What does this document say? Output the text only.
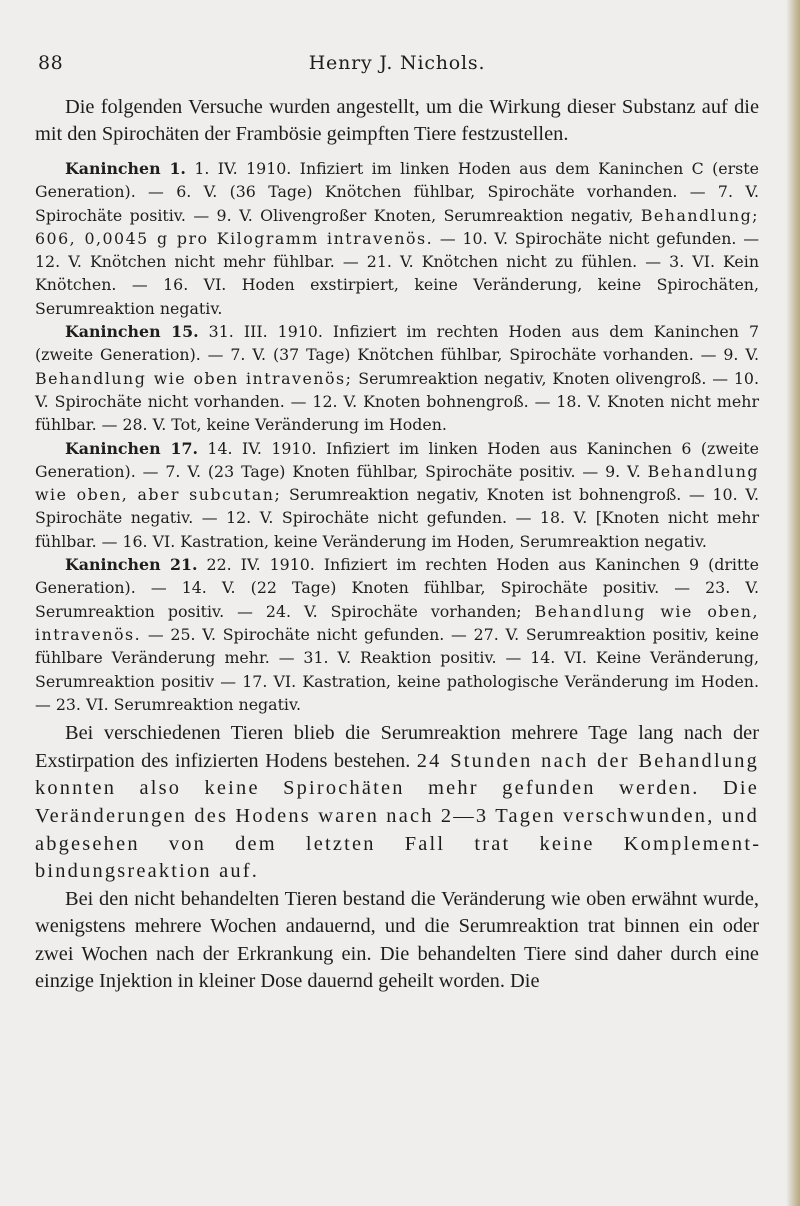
88	Henry J. Nichols.

Die folgenden Versuche wurden angestellt, um die Wirkung dieser Substanz auf die mit den Spirochäten der Frambösie geimpften Tiere festzustellen.

Kaninchen 1. 1. IV. 1910. Infiziert im linken Hoden aus dem Kaninchen C (erste Generation). — 6. V. (36 Tage) Knötchen fühlbar, Spirochäte vorhanden. — 7. V. Spirochäte positiv. — 9. V. Olivengroßer Knoten, Serumreaktion negativ, Behandlung; 606, 0,0045 g pro Kilogramm intravenös. — 10. V. Spirochäte nicht gefunden. — 12. V. Knötchen nicht mehr fühlbar. — 21. V. Knötchen nicht zu fühlen. — 3. VI. Kein Knötchen. — 16. VI. Hoden exstirpiert, keine Veränderung, keine Spirochäten, Serumreaktion negativ.

Kaninchen 15. 31. III. 1910. Infiziert im rechten Hoden aus dem Kaninchen 7 (zweite Generation). — 7. V. (37 Tage) Knötchen fühlbar, Spirochäte vorhanden. — 9. V. Behandlung wie oben intravenös; Serumreaktion negativ, Knoten olivengroß. — 10. V. Spirochäte nicht vorhanden. — 12. V. Knoten bohnengroß. — 18. V. Knoten nicht mehr fühlbar. — 28. V. Tot, keine Veränderung im Hoden.

Kaninchen 17. 14. IV. 1910. Infiziert im linken Hoden aus Kaninchen 6 (zweite Generation). — 7. V. (23 Tage) Knoten fühlbar, Spirochäte positiv. — 9. V. Behandlung wie oben, aber subcutan; Serumreaktion negativ, Knoten ist bohnengroß. — 10. V. Spirochäte negativ. — 12. V. Spirochäte nicht gefunden. — 18. V. [Knoten nicht mehr fühlbar. — 16. VI. Kastration, keine Veränderung im Hoden, Serumreaktion negativ.

Kaninchen 21. 22. IV. 1910. Infiziert im rechten Hoden aus Kaninchen 9 (dritte Generation). — 14. V. (22 Tage) Knoten fühlbar, Spirochäte positiv. — 23. V. Serumreaktion positiv. — 24. V. Spirochäte vorhanden; Behandlung wie oben, intravenös. — 25. V. Spirochäte nicht gefunden. — 27. V. Serumreaktion positiv, keine fühlbare Veränderung mehr. — 31. V. Reaktion positiv. — 14. VI. Keine Veränderung, Serumreaktion positiv — 17. VI. Kastration, keine pathologische Veränderung im Hoden. — 23. VI. Serumreaktion negativ.

Bei verschiedenen Tieren blieb die Serumreaktion mehrere Tage lang nach der Exstirpation des infizierten Hodens bestehen. 24 Stunden nach der Behandlung konnten also keine Spirochäten mehr gefunden werden. Die Veränderungen des Hodens waren nach 2—3 Tagen verschwunden, und abgesehen von dem letzten Fall trat keine Komplementbindungsreaktion auf.

Bei den nicht behandelten Tieren bestand die Veränderung wie oben erwähnt wurde, wenigstens mehrere Wochen andauernd, und die Serumreaktion trat binnen ein oder zwei Wochen nach der Erkrankung ein. Die behandelten Tiere sind daher durch eine einzige Injektion in kleiner Dose dauernd geheilt worden. Die
